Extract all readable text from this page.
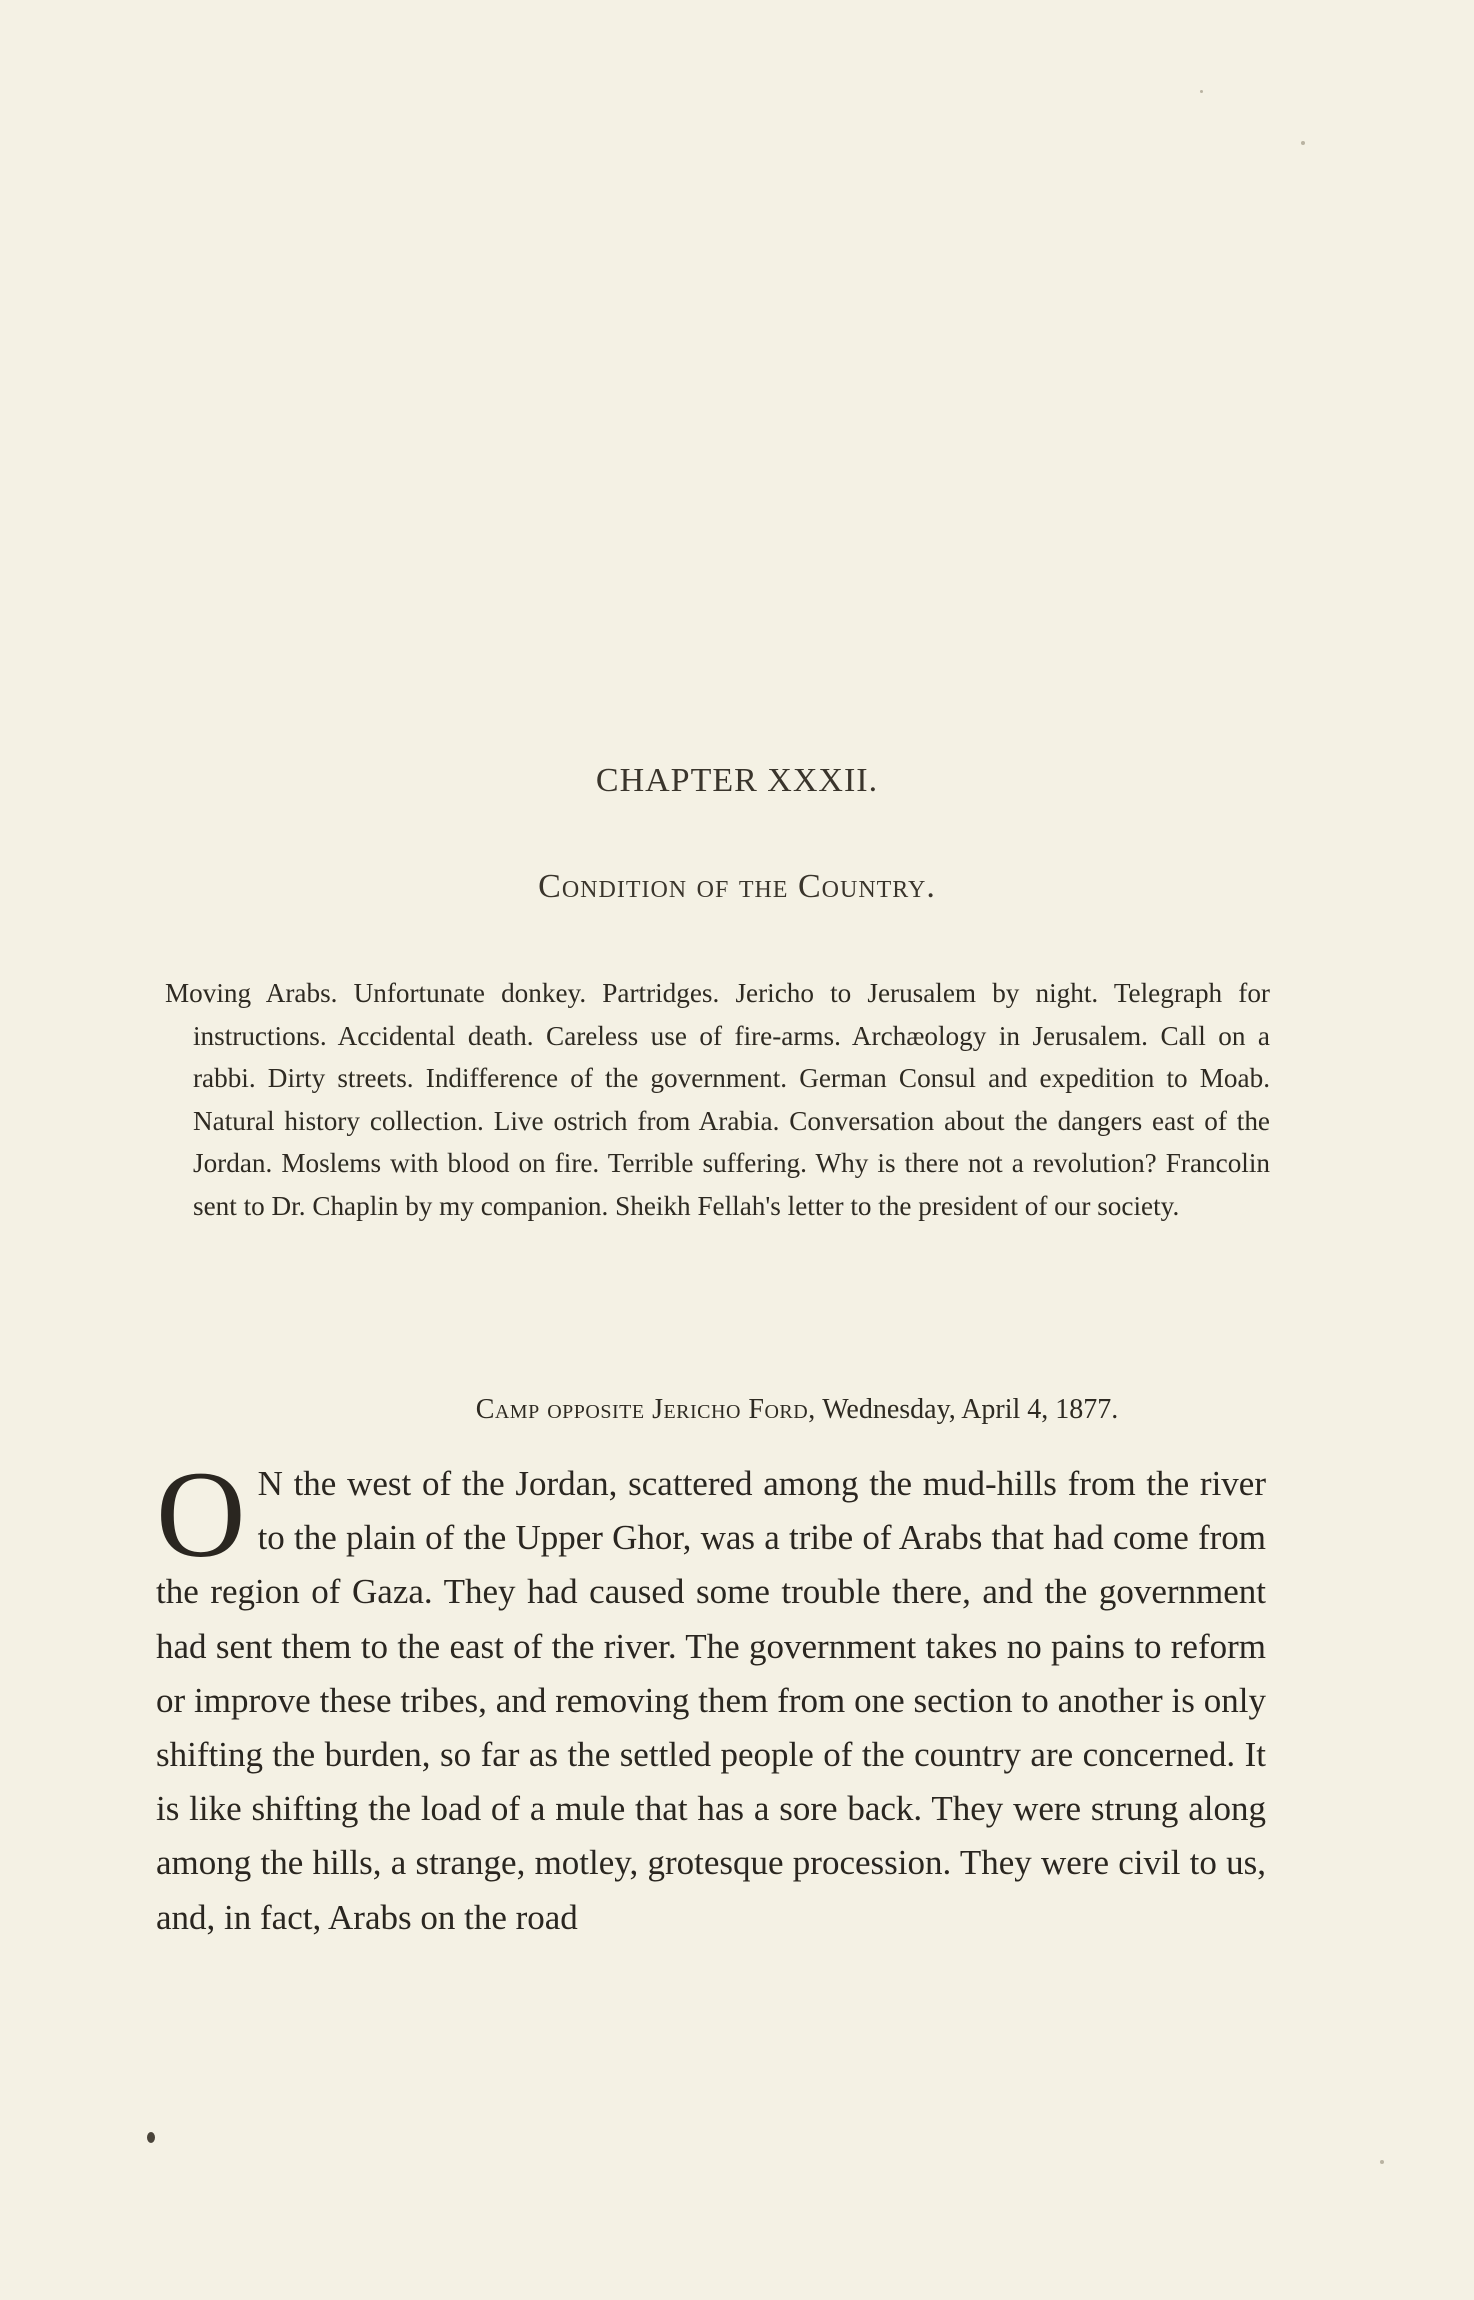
CHAPTER XXXII.
Condition of the Country.

Moving Arabs. Unfortunate donkey. Partridges. Jericho to Jerusalem by night. Telegraph for instructions. Accidental death. Careless use of fire-arms. Archæology in Jerusalem. Call on a rabbi. Dirty streets. Indifference of the government. German Consul and expedition to Moab. Natural history collection. Live ostrich from Arabia. Conversation about the dangers east of the Jordan. Moslems with blood on fire. Terrible suffering. Why is there not a revolution? Francolin sent to Dr. Chaplin by my companion. Sheikh Fellah's letter to the president of our society.

Camp opposite Jericho Ford, Wednesday, April 4, 1877.

O N the west of the Jordan, scattered among the mud-hills from the river to the plain of the Upper Ghor, was a tribe of Arabs that had come from the region of Gaza. They had caused some trouble there, and the government had sent them to the east of the river. The government takes no pains to reform or improve these tribes, and removing them from one section to another is only shifting the burden, so far as the settled people of the country are concerned. It is like shifting the load of a mule that has a sore back. They were strung along among the hills, a strange, motley, grotesque procession. They were civil to us, and, in fact, Arabs on the road
